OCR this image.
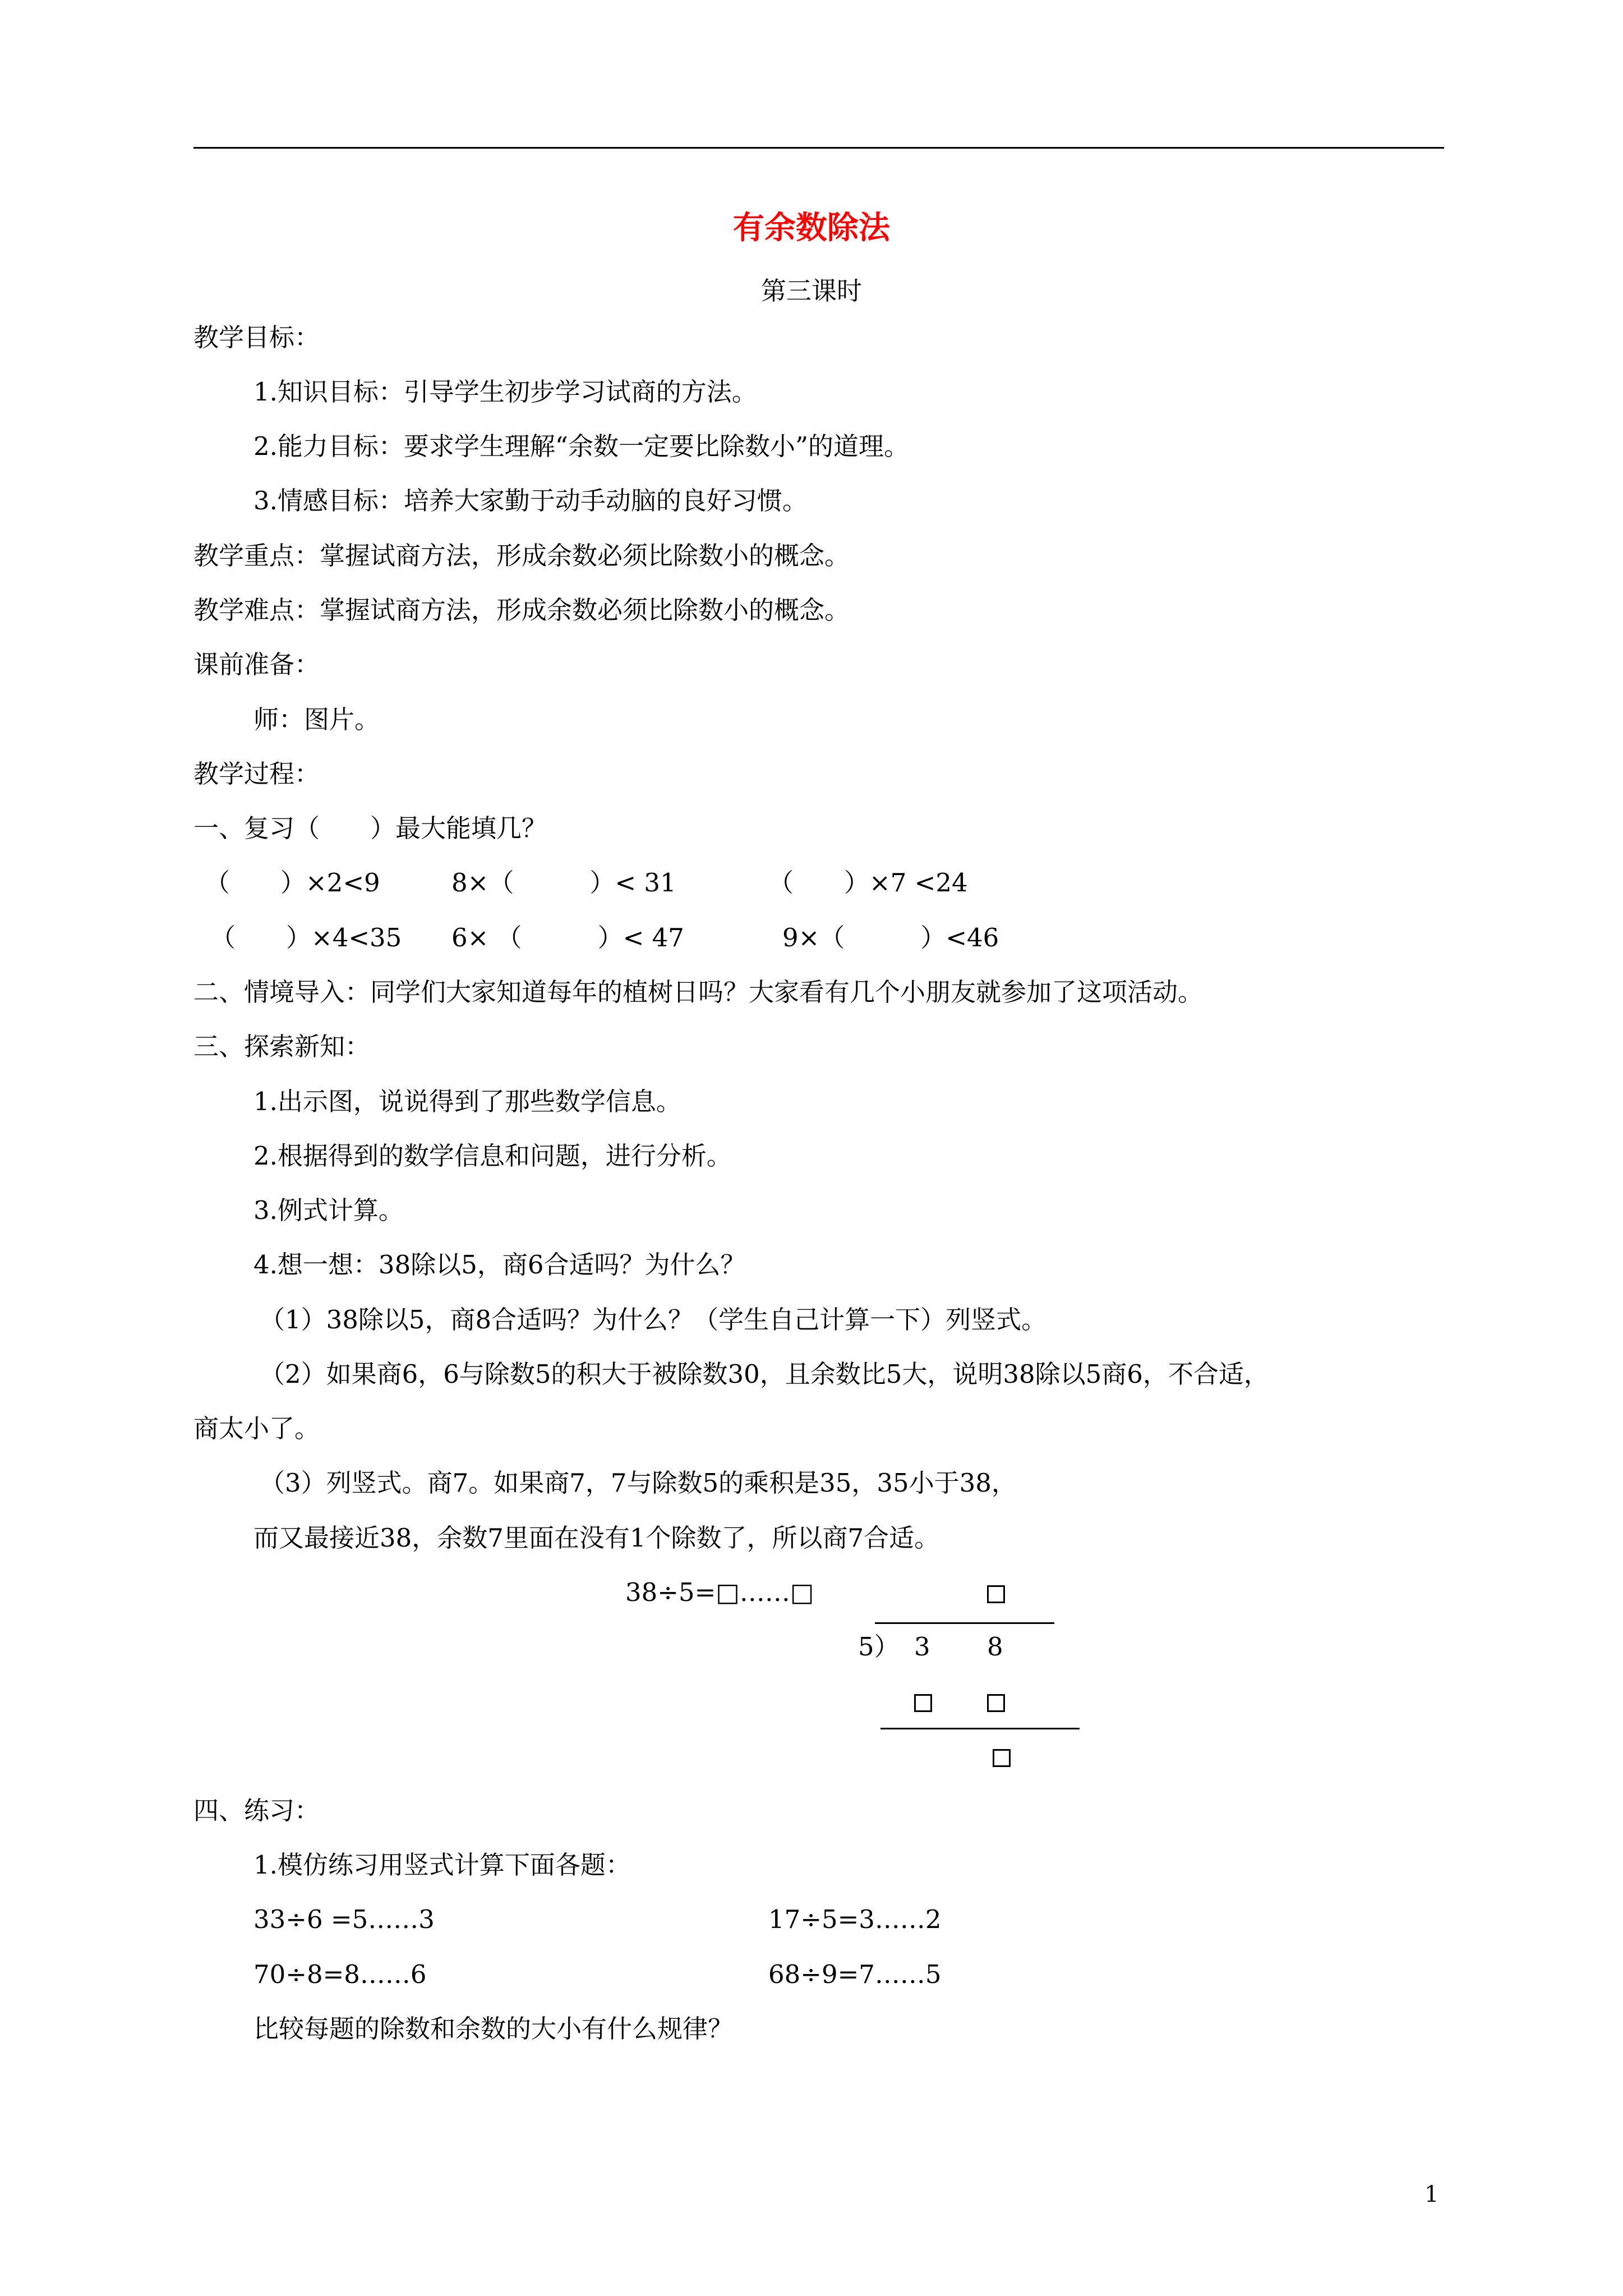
有余数除法
第三课时
教学目标：
1.知识目标：引导学生初步学习试商的方法。
2.能力目标：要求学生理解“余数一定要比除数小”的道理。
3.情感目标：培养大家勤于动手动脑的良好习惯。
教学重点：掌握试商方法，形成余数必须比除数小的概念。
教学难点：掌握试商方法，形成余数必须比除数小的概念。
课前准备：
师：图片。
教学过程：
一、复习（　　）最大能填几？
（　　）×2<9	8×（　　　）< 31	（　　）×7 <24
（　　）×4<35 6× （　　　）< 47	9×（　　　）<46
二、情境导入：同学们大家知道每年的植树日吗？大家看有几个小朋友就参加了这项活动。
三、探索新知：
1.出示图，说说得到了那些数学信息。
2.根据得到的数学信息和问题，进行分析。
3.例式计算。
4.想一想：38除以5，商6合适吗？为什么？
（1）38除以5，商8合适吗？为什么？（学生自己计算一下）列竖式。
（2）如果商6，6与除数5的积大于被除数30，且余数比5大，说明38除以5商6，不合适，
商太小了。
（3）列竖式。商7。如果商7，7与除数5的乘积是35，35小于38，
而又最接近38，余数7里面在没有1个除数了，所以商7合适。
38÷5=□……□
5） 3 8
四、练习：
1.模仿练习用竖式计算下面各题：
33÷6 =5……3	17÷5=3……2
70÷8=8……6	68÷9=7……5
比较每题的除数和余数的大小有什么规律？
1
